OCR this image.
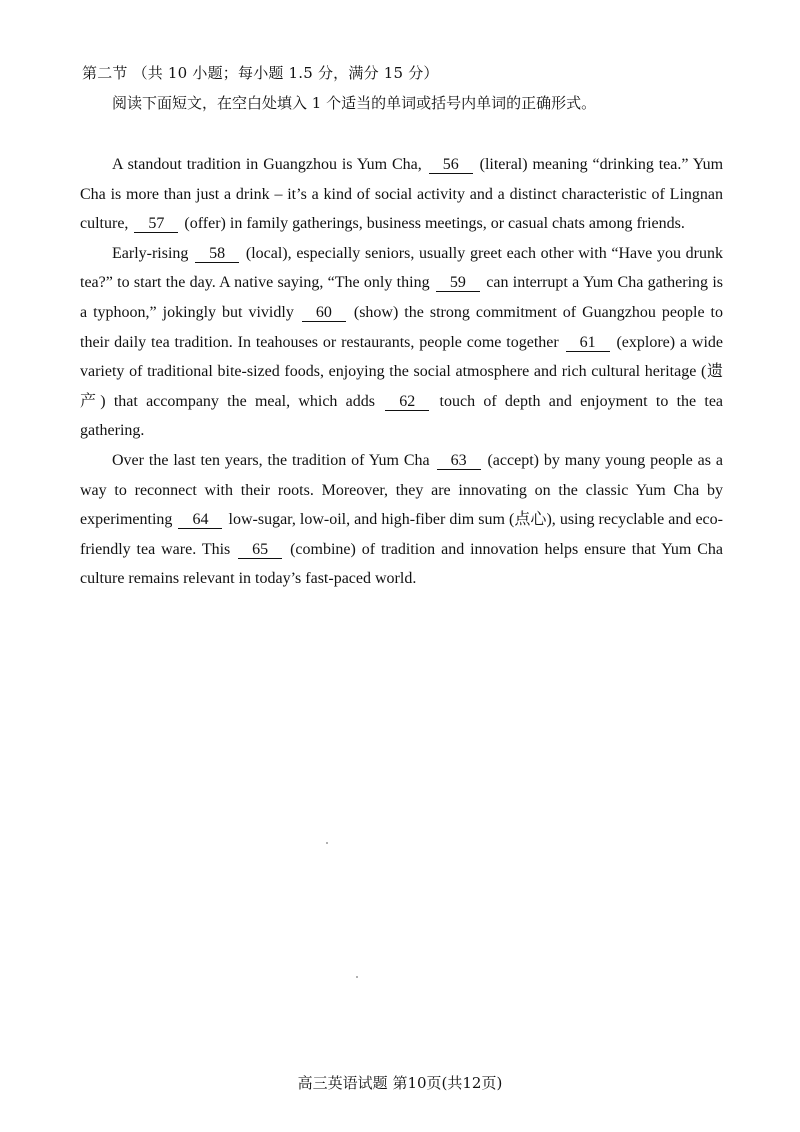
第二节 （共 10 小题；每小题 1.5 分，满分 15 分）
阅读下面短文，在空白处填入 1 个适当的单词或括号内单词的正确形式。

A standout tradition in Guangzhou is Yum Cha, 56 (literal) meaning “drinking tea.” Yum Cha is more than just a drink – it’s a kind of social activity and a distinct characteristic of Lingnan culture, 57 (offer) in family gatherings, business meetings, or casual chats among friends.

Early-rising 58 (local), especially seniors, usually greet each other with “Have you drunk tea?” to start the day. A native saying, “The only thing 59 can interrupt a Yum Cha gathering is a typhoon,” jokingly but vividly 60 (show) the strong commitment of Guangzhou people to their daily tea tradition. In teahouses or restaurants, people come together 61 (explore) a wide variety of traditional bite-sized foods, enjoying the social atmosphere and rich cultural heritage (遗产) that accompany the meal, which adds 62 touch of depth and enjoyment to the tea gathering.

Over the last ten years, the tradition of Yum Cha 63 (accept) by many young people as a way to reconnect with their roots. Moreover, they are innovating on the classic Yum Cha by experimenting 64 low-sugar, low-oil, and high-fiber dim sum (点心), using recyclable and eco-friendly tea ware. This 65 (combine) of tradition and innovation helps ensure that Yum Cha culture remains relevant in today’s fast-paced world.

高三英语试题 第10页(共12页)
